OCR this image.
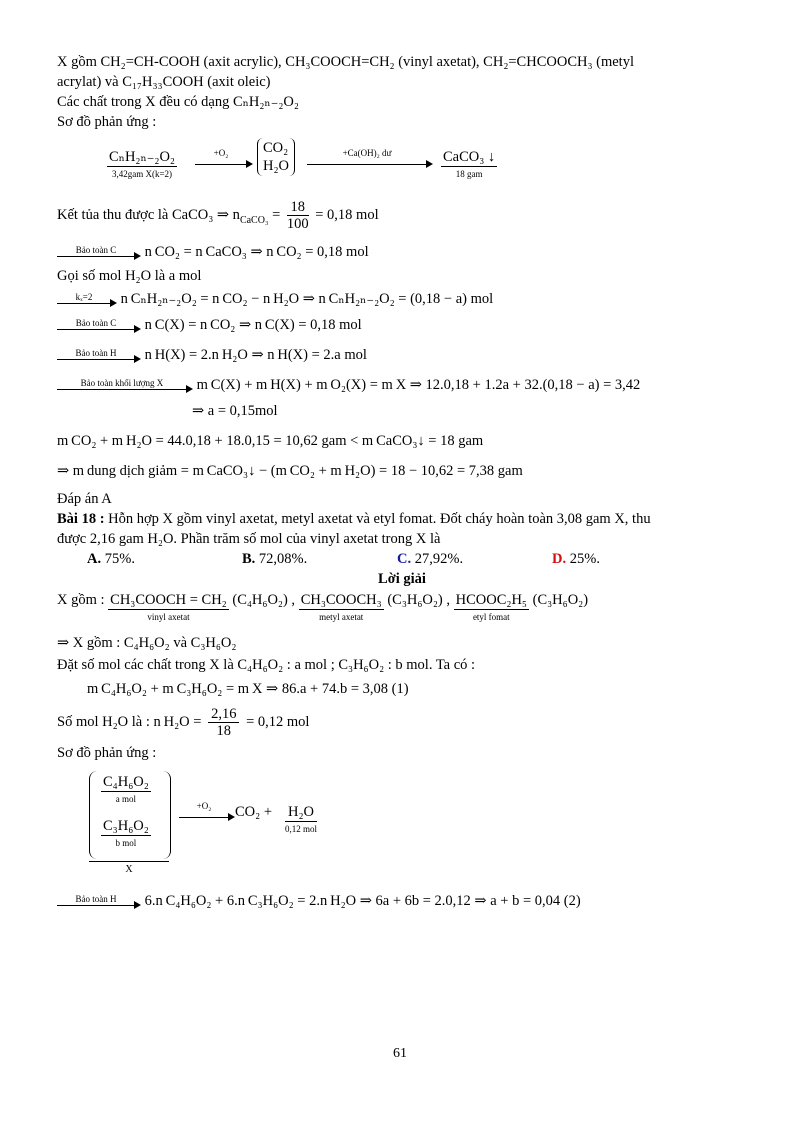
X gồm CH₂=CH-COOH (axit acrylic), CH₃COOCH=CH₂ (vinyl axetat), CH₂=CHCOOCH₃ (metyl

acrylat) và C₁₇H₃₃COOH (axit oleic)

Các chất trong X đều có dạng CₙH₂ₙ₋₂O₂

Sơ đồ phản ứng :

CₙH₂ₙ₋₂O₂
3,42gam X(k=2)
+O₂	CO₂
H₂O
+Ca(OH)₂ dư	CaCO₃ ↓
18 gam

Kết tủa thu được là CaCO₃ ⇒ $n_{CaCO_3} = \frac{18}{100} = 0,18$ mol

Bảo toàn C n CO₂ = n CaCO₃ ⇒ n CO₂ = 0,18 mol

Gọi số mol H₂O là a mol

kₓ=2 n CₙH₂ₙ₋₂O₂ = n CO₂ − n H₂O ⇒ n CₙH₂ₙ₋₂O₂ = (0,18 − a) mol

Bảo toàn C n C(X) = n CO₂ ⇒ n C(X) = 0,18 mol

Bảo toàn H n H(X) = 2.n H₂O ⇒ n H(X) = 2.a mol

Bảo toàn khối lượng X m C(X) + m H(X) + m O₂(X) = m X ⇒ 12.0,18 + 1.2a + 32.(0,18 − a) = 3,42

⇒ a = 0,15mol

m CO₂ + m H₂O = 44.0,18 + 18.0,15 = 10,62 gam < m CaCO₃↓ = 18 gam

⇒ m dung dịch giảm = m CaCO₃↓ − (m CO₂ + m H₂O) = 18 − 10,62 = 7,38 gam

Đáp án A

Bài 18 : Hỗn hợp X gồm vinyl axetat, metyl axetat và etyl fomat. Đốt cháy hoàn toàn 3,08 gam X, thu

được 2,16 gam H₂O. Phần trăm số mol của vinyl axetat trong X là

A. 75%.	B. 72,08%.	C. 27,92%.	D. 25%.

Lời giải

X gồm : CH₃COOCH = CH₂
vinyl axetat
(C₄H₆O₂) , CH₃COOCH₃
metyl axetat
(C₃H₆O₂) , HCOOC₂H₅
etyl fomat
(C₃H₆O₂)

⇒ X gồm : C₄H₆O₂ và C₃H₆O₂

Đặt số mol các chất trong X là C₄H₆O₂ : a mol ; C₃H₆O₂ : b mol. Ta có :

m C₄H₆O₂ + m C₃H₆O₂ = m X ⇒ 86.a + 74.b = 3,08 (1)

Số mol H₂O là : n $H_2O = \frac{2,16}{18} = 0,12$ mol

Sơ đồ phản ứng :

C₄H₆O₂
a mol
C₃H₆O₂
b mol
X
+O₂	CO₂ + H₂O
0,12 mol

Bảo toàn H 6.n C₄H₆O₂ + 6.n C₃H₆O₂ = 2.n H₂O ⇒ 6a + 6b = 2.0,12 ⇒ a + b = 0,04 (2)

61
